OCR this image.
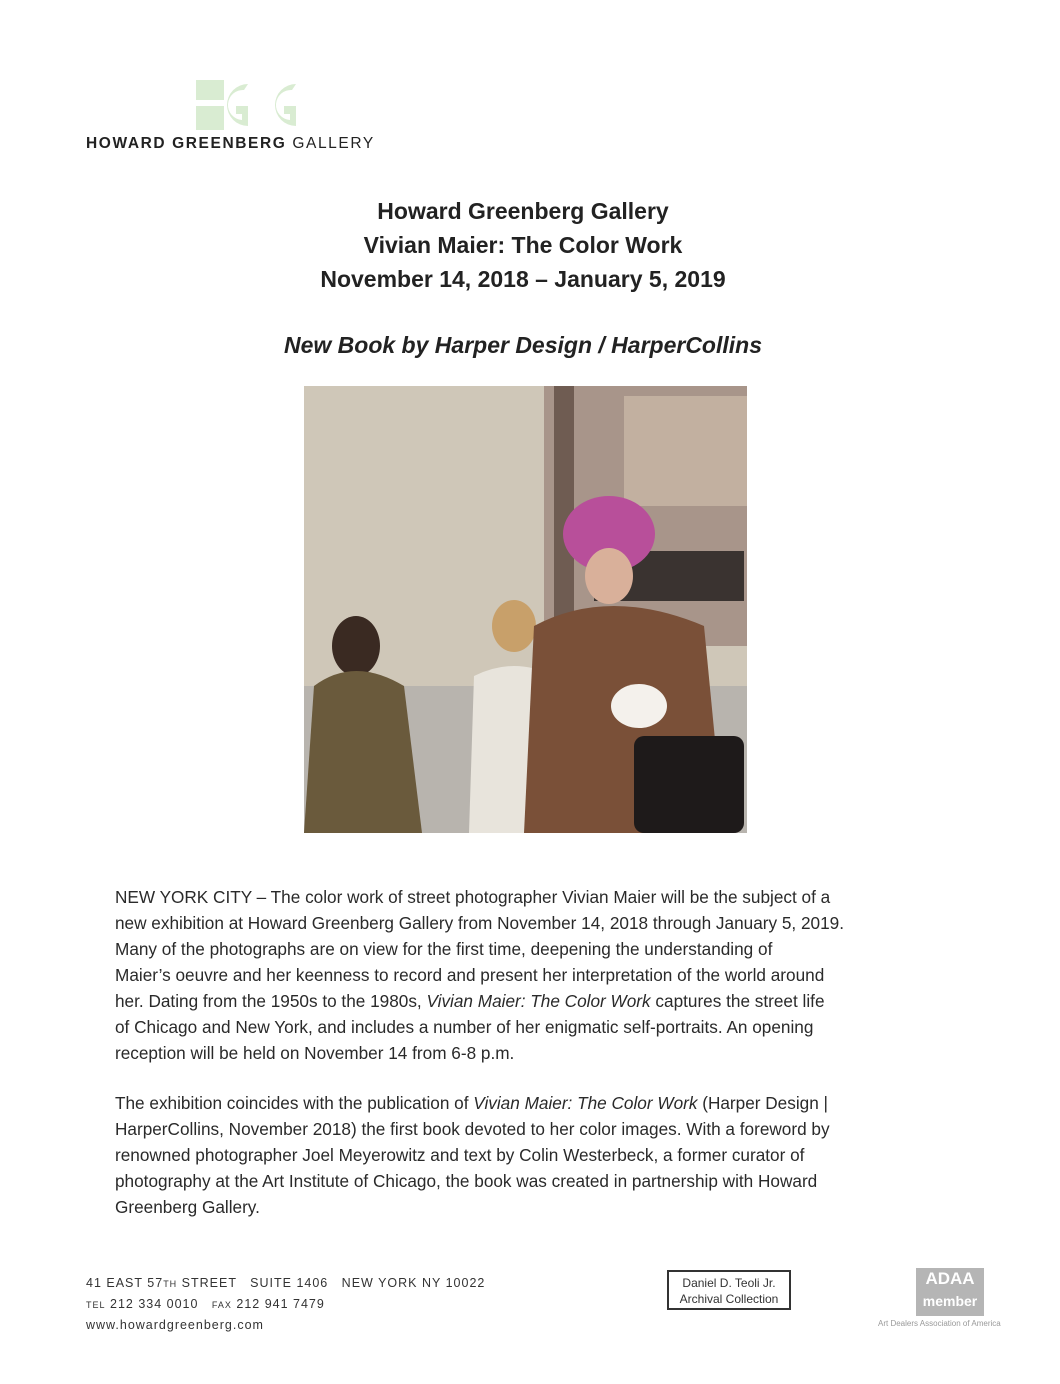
HOWARD GREENBERG GALLERY
Howard Greenberg Gallery
Vivian Maier: The Color Work
November 14, 2018 – January 5, 2019
New Book by Harper Design / HarperCollins
NEW YORK CITY – The color work of street photographer Vivian Maier will be the subject of a
new exhibition at Howard Greenberg Gallery from November 14, 2018 through January 5, 2019.
Many of the photographs are on view for the first time, deepening the understanding of
Maier’s oeuvre and her keenness to record and present her interpretation of the world around
her. Dating from the 1950s to the 1980s, Vivian Maier: The Color Work captures the street life
of Chicago and New York, and includes a number of her enigmatic self-portraits. An opening
reception will be held on November 14 from 6-8 p.m.
The exhibition coincides with the publication of Vivian Maier: The Color Work (Harper Design |
HarperCollins, November 2018) the first book devoted to her color images. With a foreword by
renowned photographer Joel Meyerowitz and text by Colin Westerbeck, a former curator of
photography at the Art Institute of Chicago, the book was created in partnership with Howard
Greenberg Gallery.
41 EAST 57TH STREET   SUITE 1406   NEW YORK NY 10022
TEL 212 334 0010   FAX 212 941 7479
www.howardgreenberg.com
Daniel D. Teoli Jr.
Archival Collection
ADAA
member
Art Dealers Association of America
